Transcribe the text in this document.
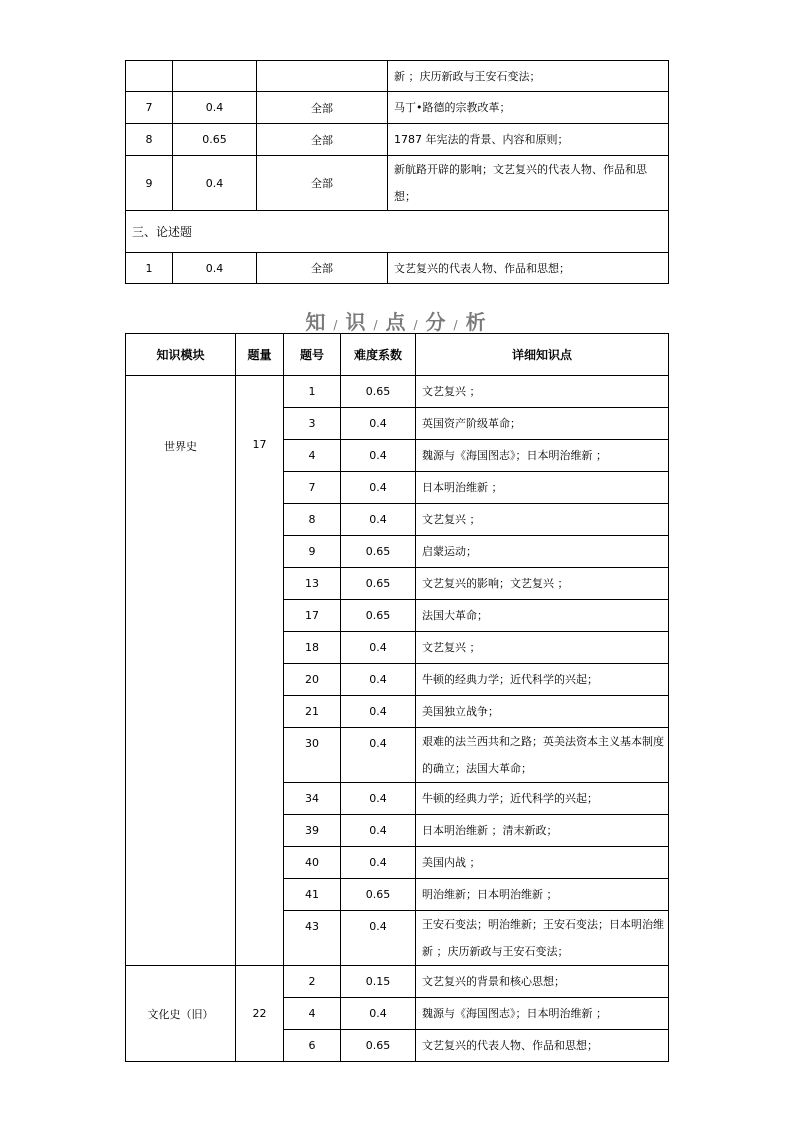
			新 ；庆历新政与王安石变法；
7	0.4	全部	马丁•路德的宗教改革；
8	0.65	全部	1787 年宪法的背景、内容和原则；
9	0.4	全部	新航路开辟的影响；文艺复兴的代表人物、作品和思想；
三、论述题			
1	0.4	全部	文艺复兴的代表人物、作品和思想；
知 / 识 / 点 / 分 / 析
知识模块	题量	题号	难度系数	详细知识点
世界史	17	1	0.65	文艺复兴 ；
		3	0.4	英国资产阶级革命；
		4	0.4	魏源与《海国图志》；日本明治维新 ；
		7	0.4	日本明治维新 ；
		8	0.4	文艺复兴 ；
		9	0.65	启蒙运动；
		13	0.65	文艺复兴的影响；文艺复兴 ；
		17	0.65	法国大革命；
		18	0.4	文艺复兴 ；
		20	0.4	牛顿的经典力学；近代科学的兴起；
		21	0.4	美国独立战争；
		30	0.4	艰难的法兰西共和之路；英美法资本主义基本制度的确立；法国大革命；
		34	0.4	牛顿的经典力学；近代科学的兴起；
		39	0.4	日本明治维新 ；清末新政；
		40	0.4	美国内战 ；
		41	0.65	明治维新；日本明治维新 ；
		43	0.4	王安石变法；明治维新；王安石变法；日本明治维新 ；庆历新政与王安石变法；
文化史（旧）	22	2	0.15	文艺复兴的背景和核心思想；
		4	0.4	魏源与《海国图志》；日本明治维新 ；
		6	0.65	文艺复兴的代表人物、作品和思想；
